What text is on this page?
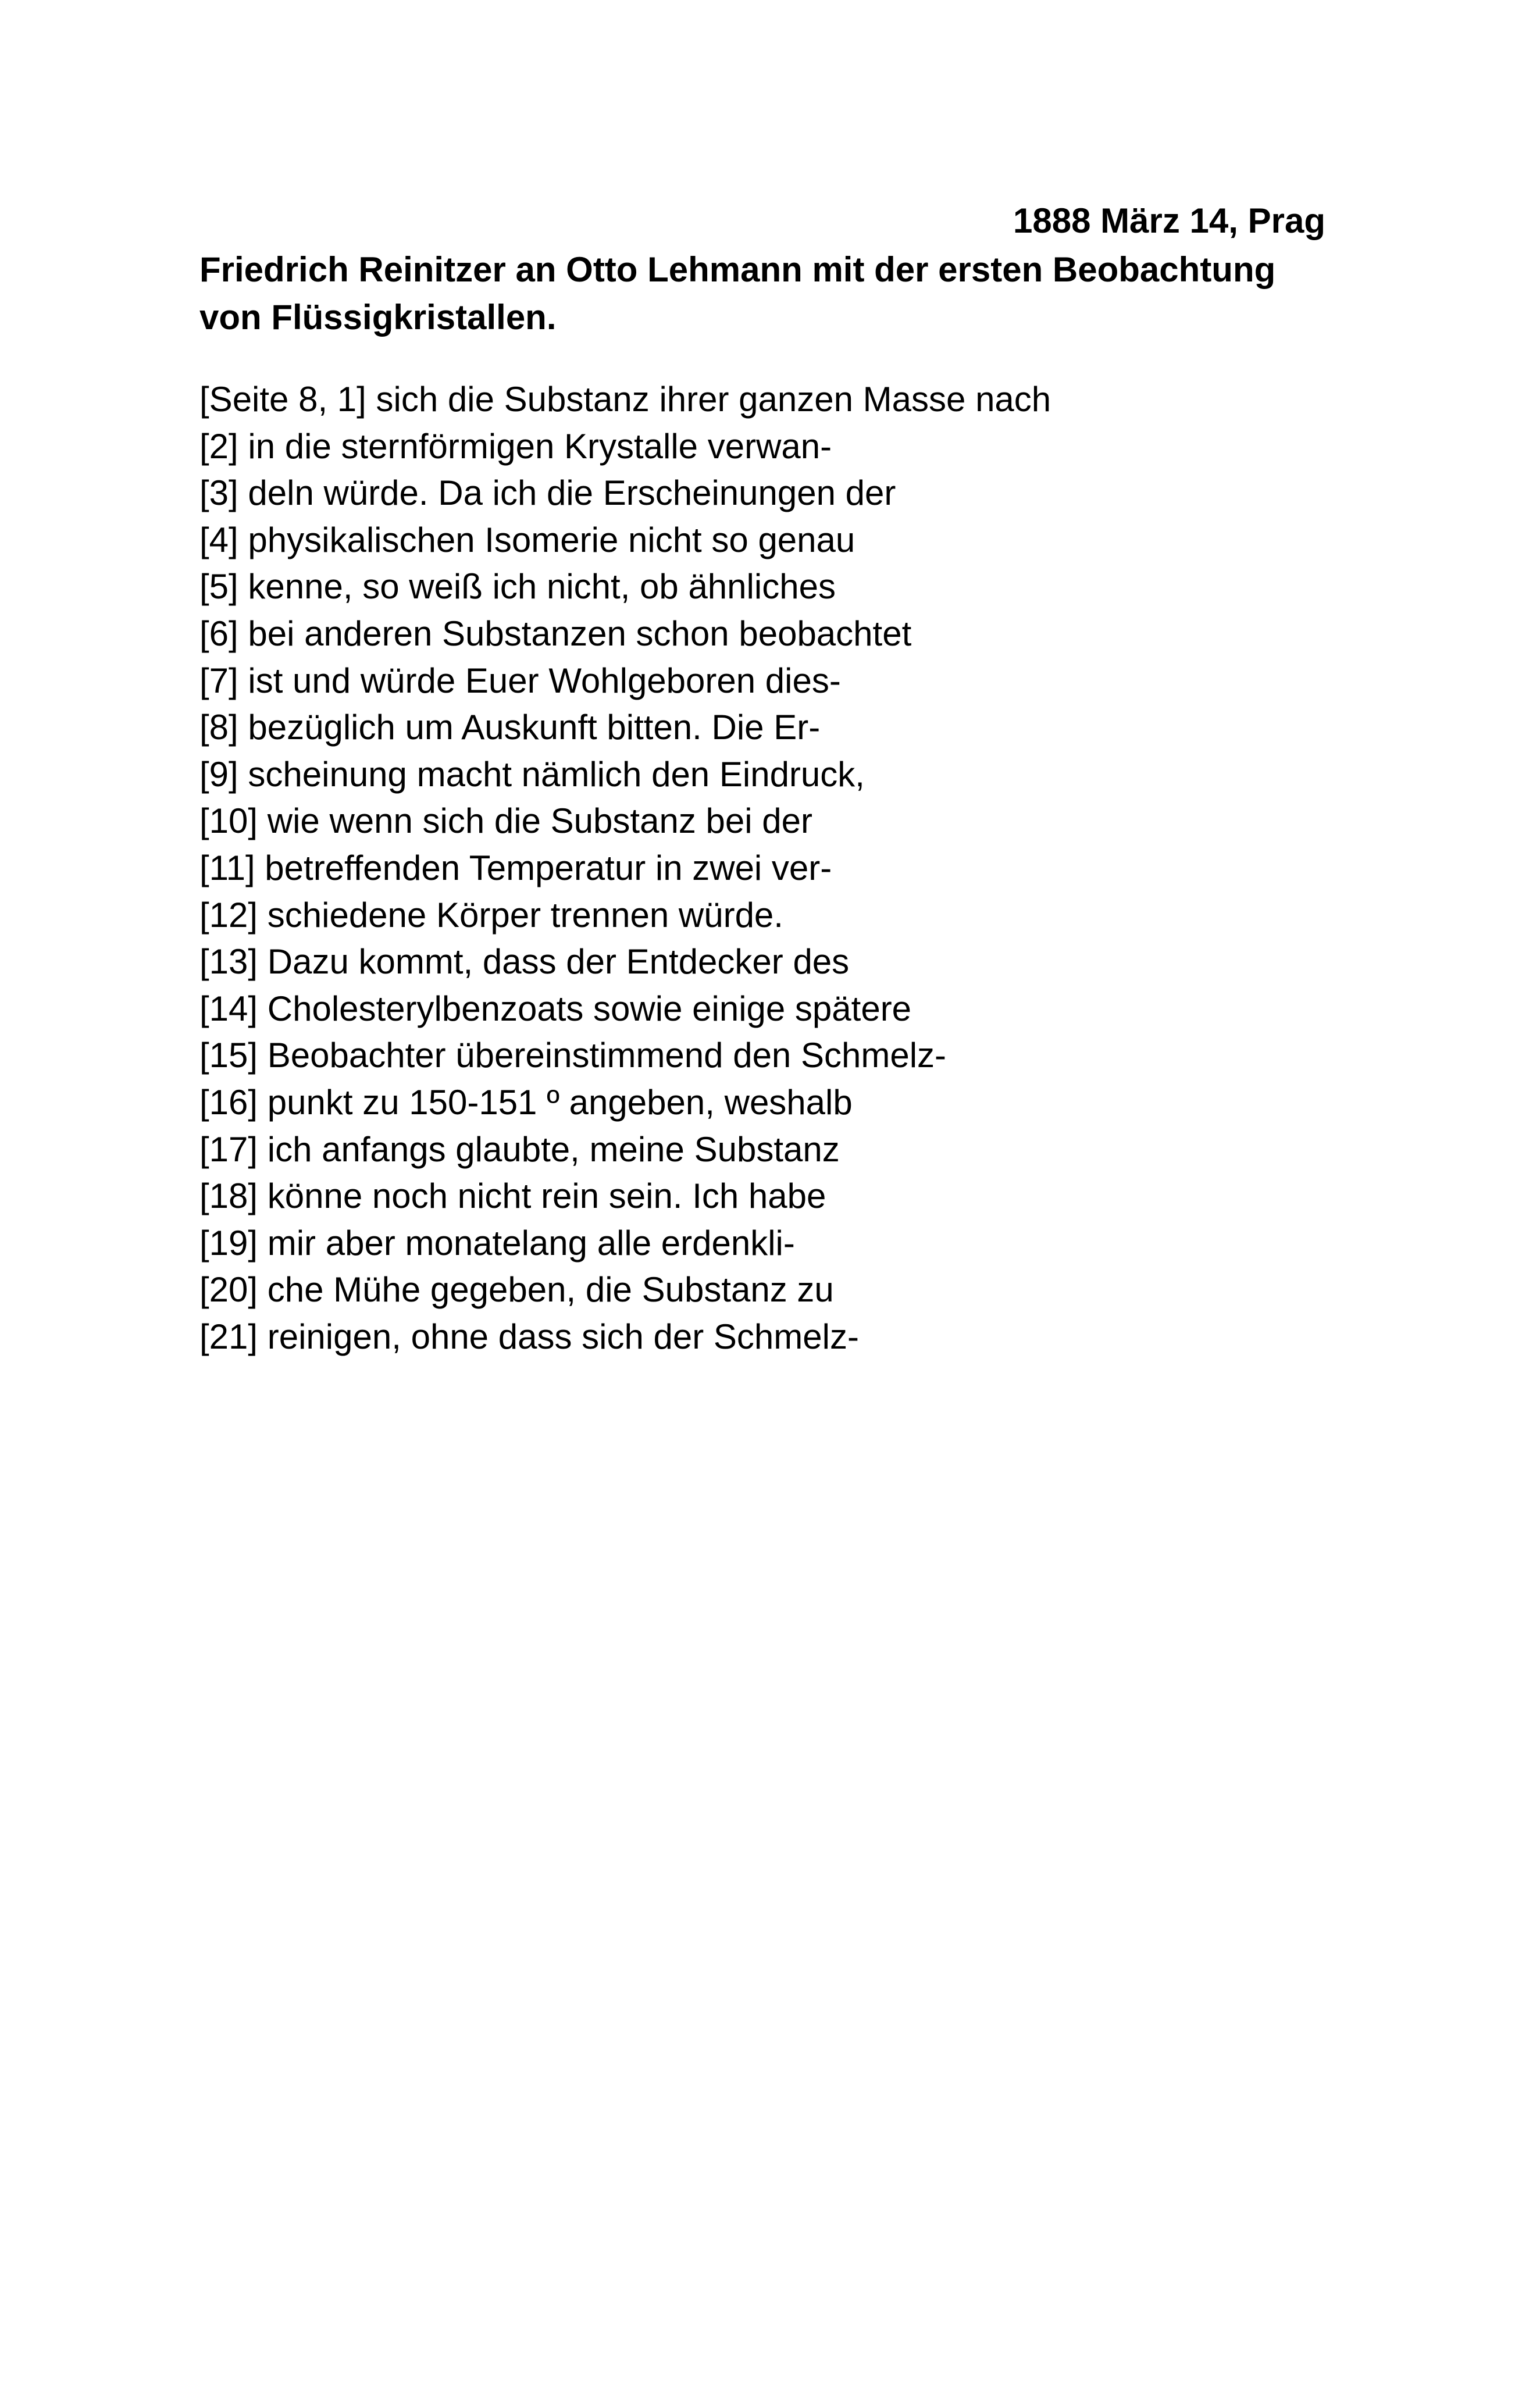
1888 März 14, Prag
Friedrich Reinitzer an Otto Lehmann mit der ersten Beobachtung von Flüssigkristallen.
[Seite 8, 1] sich die Substanz ihrer ganzen Masse nach
[2] in die sternförmigen Krystalle verwan-
[3] deln würde. Da ich die Erscheinungen der
[4] physikalischen Isomerie nicht so genau
[5] kenne, so weiß ich nicht, ob ähnliches
[6] bei anderen Substanzen schon beobachtet
[7] ist und würde Euer Wohlgeboren dies-
[8] bezüglich um Auskunft bitten. Die Er-
[9] scheinung macht nämlich den Eindruck,
[10] wie wenn sich die Substanz bei der
[11] betreffenden Temperatur in zwei ver-
[12] schiedene Körper trennen würde.
[13] Dazu kommt, dass der Entdecker des
[14] Cholesterylbenzoats sowie einige spätere
[15] Beobachter übereinstimmend den Schmelz-
[16] punkt zu 150-151 º angeben, weshalb
[17] ich anfangs glaubte, meine Substanz
[18] könne noch nicht rein sein. Ich habe
[19] mir aber monatelang alle erdenkli-
[20] che Mühe gegeben, die Substanz zu
[21] reinigen, ohne dass sich der Schmelz-
